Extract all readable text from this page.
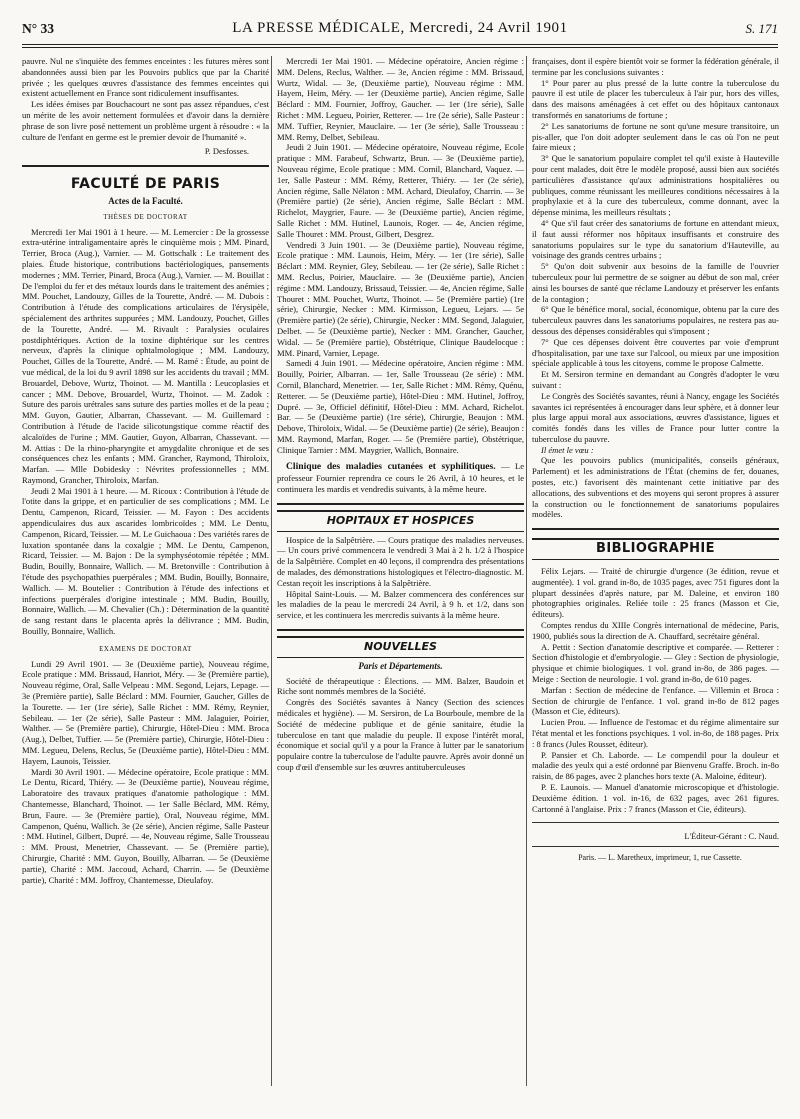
N° 33	LA PRESSE MÉDICALE, Mercredi, 24 Avril 1901	S. 171

pauvre. Nul ne s'inquiète des femmes enceintes : les futures mères sont abandonnées aussi bien par les Pouvoirs publics que par la Charité privée ; les quelques œuvres d'assistance des femmes enceintes qui existent actuellement en France sont ridiculement insuffisantes.

Les idées émises par Bouchacourt ne sont pas assez répandues, c'est un mérite de les avoir nettement formulées et d'avoir dans la dernière phrase de son livre posé nettement un problème urgent à résoudre : « la culture de l'enfant en germe est le premier devoir de l'humanité ».

P. Desfosses.

FACULTÉ DE PARIS
Actes de la Faculté.
THÈSES DE DOCTORAT

Mercredi 1er Mai 1901 à 1 heure. — M. Lemercier : De la grossesse extra-utérine intraligamentaire après le cinquième mois ; MM. Pinard, Terrier, Broca (Aug.), Varnier. — M. Gottschalk : Le traitement des plaies. Étude historique, contributions bactériologiques, pansements modernes ; MM. Terrier, Pinard, Broca (Aug.), Varnier. — M. Bouillat : De l'emploi du fer et des métaux lourds dans le traitement des anémies ; MM. Pouchet, Landouzy, Gilles de la Tourette, André. — M. Dubois : Contribution à l'étude des complications articulaires de l'érysipèle, spécialement des arthrites suppurées ; MM. Landouzy, Pouchet, Gilles de la Tourette, André. — M. Rivault : Paralysies oculaires postdiphtériques. Action de la toxine diphtérique sur les centres nerveux, d'après la clinique ophtalmologique ; MM. Landouzy, Pouchet, Gilles de la Tourette, André. — M. Ramé : Étude, au point de vue médical, de la loi du 9 avril 1898 sur les accidents du travail ; MM. Brouardel, Debove, Wurtz, Thoinot. — M. Mantilla : Leucoplasies et cancer ; MM. Debove, Brouardel, Wurtz, Thoinot. — M. Zadok : Suture des parois urétrales sans suture des parties molles et de la peau ; MM. Guyon, Gautier, Albarran, Chassevant. — M. Guillemard : Contribution à l'étude de l'acide silicotungstique comme réactif des alcaloïdes de l'urine ; MM. Gautier, Guyon, Albarran, Chassevant. — M. Attias : De la rhino-pharyngite et amygdalite chronique et de ses conséquences chez les enfants ; MM. Grancher, Raymond, Thiroloix, Marfan. — Mlle Dobidesky : Névrites professionnelles ; MM. Raymond, Grancher, Thiroloix, Marfan.

Jeudi 2 Mai 1901 à 1 heure. — M. Ricoux : Contribution à l'étude de l'otite dans la grippe, et en particulier de ses complications ; MM. Le Dentu, Campenon, Ricard, Teissier. — M. Fayon : Des accidents appendiculaires dus aux ascarides lombricoïdes ; MM. Le Dentu, Campenon, Ricard, Teissier. — M. Le Guichaoua : Des variétés rares de luxation spontanée dans la coxalgie ; MM. Le Dentu, Campenon, Ricard, Teissier. — M. Bajon : De la symphyséotomie répétée ; MM. Budin, Bouilly, Bonnaire, Wallich. — M. Bretonville : Contribution à l'étude des psychopathies puerpérales ; MM. Budin, Bouilly, Bonnaire, Wallich. — M. Boutelier : Contribution à l'étude des infections et infections puerpérales d'origine intestinale ; MM. Budin, Bouilly, Bonnaire, Wallich. — M. Chevalier (Ch.) : Détermination de la quantité de sang restant dans le placenta après la délivrance ; MM. Budin, Bouilly, Bonnaire, Wallich.

EXAMENS DE DOCTORAT

Lundi 29 Avril 1901. — 3e (Deuxième partie), Nouveau régime, Ecole pratique : MM. Brissaud, Hanriot, Méry. — 3e (Première partie), Nouveau régime, Oral, Salle Velpeau : MM. Segond, Lejars, Lepage. — 3e (Première partie), Salle Béclard : MM. Fournier, Gaucher, Gilles de la Tourette. — 1er (1re série), Salle Richet : MM. Rémy, Reynier, Sebileau. — 1er (2e série), Salle Pasteur : MM. Jalaguier, Poirier, Walther. — 5e (Première partie), Chirurgie, Hôtel-Dieu : MM. Broca (Aug.), Delbet, Tuffier. — 5e (Première partie), Chirurgie, Hôtel-Dieu : MM. Legueu, Delens, Reclus, 5e (Deuxième partie), Hôtel-Dieu : MM. Hayem, Launois, Teissier.

Mardi 30 Avril 1901. — Médecine opératoire, Ecole pratique : MM. Le Dentu, Ricard, Thiéry. — 3e (Deuxième partie), Nouveau régime, Laboratoire des travaux pratiques d'anatomie pathologique : MM. Chantemesse, Blanchard, Thoinot. — 1er Salle Béclard, MM. Rémy, Brun, Faure. — 3e (Première partie), Oral, Nouveau régime, MM. Campenon, Quénu, Wallich. 3e (2e série), Ancien régime, Salle Pasteur : MM. Hutinel, Gilbert, Dupré. — 4e, Nouveau régime, Salle Trousseau : MM. Proust, Menetrier, Chassevant. — 5e (Première partie), Chirurgie, Charité : MM. Guyon, Bouilly, Albarran. — 5e (Deuxième partie), Charité : MM. Jaccoud, Achard, Charrin. — 5e (Deuxième partie), Charité : MM. Joffroy, Chantemesse, Dieulafoy.

Mercredi 1er Mai 1901. — Médecine opératoire, Ancien régime : MM. Delens, Reclus, Walther. — 3e, Ancien régime : MM. Brissaud, Wurtz, Widal. — 3e, (Deuxième partie), Nouveau régime : MM. Hayem, Heim, Méry. — 1er (Deuxième partie), Ancien régime, Salle Béclard : MM. Fournier, Joffroy, Gaucher. — 1er (1re série), Salle Richet : MM. Legueu, Poirier, Retterer. — 1re (2e série), Salle Pasteur : MM. Tuffier, Reynier, Mauclaire. — 1er (3e série), Salle Trousseau : MM. Remy, Delbet, Sebileau.

Jeudi 2 Juin 1901. — Médecine opératoire, Nouveau régime, Ecole pratique : MM. Farabeuf, Schwartz, Brun. — 3e (Deuxième partie), Nouveau régime, Ecole pratique : MM. Cornil, Blanchard, Vaquez. — 1er, Salle Pasteur : MM. Rémy, Retterer, Thiéry. — 1er (2e série), Ancien régime, Salle Nélaton : MM. Achard, Dieulafoy, Charrin. — 3e (Première partie) (2e série), Ancien régime, Salle Béclart : MM. Richelot, Maygrier, Faure. — 3e (Deuxième partie), Ancien régime, Salle Richet : MM. Hutinel, Launois, Roger. — 4e, Ancien régime, Salle Thouret : MM. Proust, Gilbert, Desgrez.

Vendredi 3 Juin 1901. — 3e (Deuxième partie), Nouveau régime, Ecole pratique : MM. Launois, Heim, Méry. — 1er (1re série), Salle Béclart : MM. Reynier, Gley, Sebileau. — 1er (2e série), Salle Richet : MM. Reclus, Poirier, Mauclaire. — 3e (Deuxième partie), Ancien régime : MM. Landouzy, Brissaud, Teissier. — 4e, Ancien régime, Salle Thouret : MM. Pouchet, Wurtz, Thoinot. — 5e (Première partie) (1re série), Chirurgie, Necker : MM. Kirmisson, Legueu, Lejars. — 5e (Première partie) (2e série), Chirurgie, Necker : MM. Segond, Jalaguier, Delbet. — 5e (Deuxième partie), Necker : MM. Grancher, Gaucher, Widal. — 5e (Première partie), Obstétrique, Clinique Baudelocque : MM. Pinard, Varnier, Lepage.

Samedi 4 Juin 1901. — Médecine opératoire, Ancien régime : MM. Bouilly, Poirier, Albarran. — 1er, Salle Trousseau (2e série) : MM. Cornil, Blanchard, Menetrier. — 1er, Salle Richet : MM. Rémy, Quénu, Retterer. — 5e (Deuxième partie), Hôtel-Dieu : MM. Hutinel, Joffroy, Dupré. — 3e, Officiel définitif, Hôtel-Dieu : MM. Achard, Richelot. Bar. — 5e (Deuxième partie) (1re série), Chirurgie, Beaujon : MM. Debove, Thiroloix, Widal. — 5e (Deuxième partie) (2e série), Beaujon : MM. Raymond, Marfan, Roger. — 5e (Première partie), Obstétrique, Clinique Tarnier : MM. Maygrier, Wallich, Bonnaire.

Clinique des maladies cutanées et syphilitiques. — Le professeur Fournier reprendra ce cours le 26 Avril, à 10 heures, et le continuera les mardis et vendredis suivants, à la même heure.

HOPITAUX ET HOSPICES

Hospice de la Salpêtrière. — Cours pratique des maladies nerveuses. — Un cours privé commencera le vendredi 3 Mai à 2 h. 1/2 à l'hospice de la Salpêtrière. Complet en 40 leçons, il comprendra des présentations de malades, des démonstrations histologiques et l'électro-diagnostic. M. Cestan reçoit les inscriptions à la Salpêtrière.

Hôpital Saint-Louis. — M. Balzer commencera des conférences sur les maladies de la peau le mercredi 24 Avril, à 9 h. et 1/2, dans son service, et les continuera les mercredis suivants à la même heure.

NOUVELLES
Paris et Départements.

Société de thérapeutique : Élections. — MM. Balzer, Baudoin et Riche sont nommés membres de la Société.

Congrès des Sociétés savantes à Nancy (Section des sciences médicales et hygiène). — M. Sersiron, de La Bourboule, membre de la Société de médecine publique et de génie sanitaire, étudie la tuberculose en tant que maladie du peuple. Il expose l'intérêt moral, économique et social qu'il y a pour la France à lutter par le sanatorium populaire contre la tuberculose de l'adulte pauvre. Après avoir donné un coup d'œil d'ensemble sur les œuvres antituberculeuses

françaises, dont il espère bientôt voir se former la fédération générale, il termine par les conclusions suivantes :

1° Pour parer au plus pressé de la lutte contre la tuberculose du pauvre il est utile de placer les tuberculeux à l'air pur, hors des villes, dans des maisons aménagées à cet effet ou des hôpitaux cantonaux transformés en sanatoriums de fortune ;

2° Les sanatoriums de fortune ne sont qu'une mesure transitoire, un pis-aller, que l'on doit adopter seulement dans le cas où l'on ne peut faire mieux ;

3° Que le sanatorium populaire complet tel qu'il existe à Hauteville pour cent malades, doit être le modèle proposé, aussi bien aux sociétés particulières d'assistance qu'aux administrations hospitalières ou publiques, comme réunissant les meilleures conditions nécessaires à la prophylaxie et à la cure des tuberculeux, comme donnant, avec la dépense minima, les meilleurs résultats ;

4° Que s'il faut créer des sanatoriums de fortune en attendant mieux, il faut aussi réformer nos hôpitaux insuffisants et construire des sanatoriums populaires sur le type du sanatorium d'Hauteville, au voisinage des grands centres urbains ;

5° Qu'on doit subvenir aux besoins de la famille de l'ouvrier tuberculeux pour lui permettre de se soigner au début de son mal, créer ainsi les bourses de santé que réclame Landouzy et préserver les enfants de la contagion ;

6° Que le bénéfice moral, social, économique, obtenu par la cure des tuberculeux pauvres dans les sanatoriums populaires, ne restera pas au-dessous des dépenses considérables qui s'imposent ;

7° Que ces dépenses doivent être couvertes par voie d'emprunt d'hospitalisation, par une taxe sur l'alcool, ou mieux par une imposition spéciale applicable à tous les citoyens, comme le propose Calmette.

Et M. Sersiron termine en demandant au Congrès d'adopter le vœu suivant :

Le Congrès des Sociétés savantes, réuni à Nancy, engage les Sociétés savantes ici représentées à encourager dans leur sphère, et à donner leur plus large appui moral aux associations, œuvres d'assistance, ligues et comités fondés dans les villes de France pour lutter contre la tuberculose du pauvre.

Il émet le vœu :

Que les pouvoirs publics (municipalités, conseils généraux, Parlement) et les administrations de l'État (chemins de fer, douanes, postes, etc.) favorisent dès maintenant cette initiative par des allocations, des subventions et des moyens qui seront propres à assurer la construction ou le fonctionnement de sanatoriums populaires modèles.

BIBLIOGRAPHIE

Félix Lejars. — Traité de chirurgie d'urgence (3e édition, revue et augmentée). 1 vol. grand in-8o, de 1035 pages, avec 751 figures dont la plupart dessinées d'après nature, par M. Daleine, et environ 180 photographies originales. Reliée toile : 25 francs (Masson et Cie, éditeurs).

Comptes rendus du XIIIe Congrès international de médecine, Paris, 1900, publiés sous la direction de A. Chauffard, secrétaire général.

A. Pettit : Section d'anatomie descriptive et comparée. — Retterer : Section d'histologie et d'embryologie. — Gley : Section de physiologie, physique et chimie biologiques. 1 vol. grand in-8o, de 386 pages. — Meige : Section de neurologie. 1 vol. grand in-8o, de 610 pages.

Marfan : Section de médecine de l'enfance. — Villemin et Broca : Section de chirurgie de l'enfance. 1 vol. grand in-8o de 812 pages (Masson et Cie, éditeurs).

Lucien Prou. — Influence de l'estomac et du régime alimentaire sur l'état mental et les fonctions psychiques. 1 vol. in-8o, de 188 pages. Prix : 8 francs (Jules Rousset, éditeur).

P. Pansier et Ch. Laborde. — Le compendil pour la douleur et maladie des yeulx qui a esté ordonné par Bienvenu Graffe. Broch. in-8o raisin, de 86 pages, avec 2 planches hors texte (A. Maloine, éditeur).

P. E. Launois. — Manuel d'anatomie microscopique et d'histologie. Deuxième édition. 1 vol. in-16, de 632 pages, avec 261 figures. Cartonné à l'anglaise. Prix : 7 francs (Masson et Cie, éditeurs).

L'Éditeur-Gérant : C. Naud.

Paris. — L. Maretheux, imprimeur, 1, rue Cassette.
